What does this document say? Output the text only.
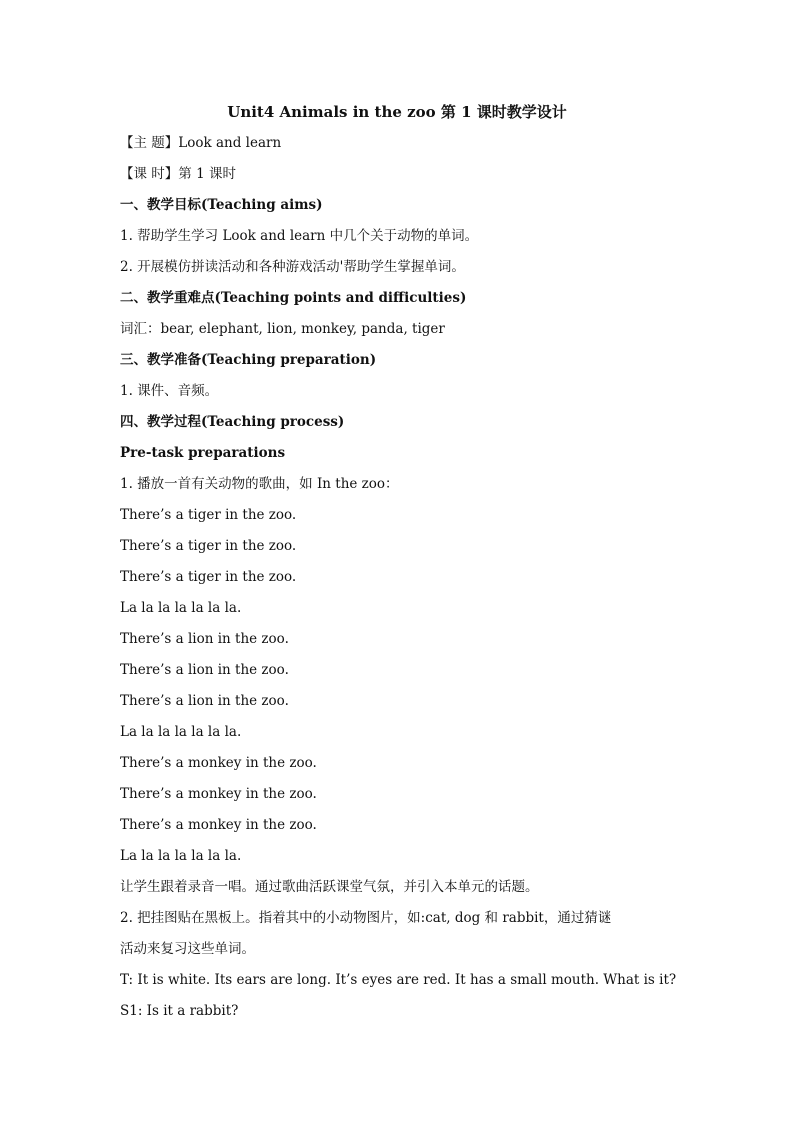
Unit4 Animals in the zoo 第 1 课时教学设计
【主 题】Look and learn
【课 时】第 1 课时
一、教学目标(Teaching aims)
1. 帮助学生学习 Look and learn 中几个关于动物的单词。
2. 开展模仿拼读活动和各种游戏活动'帮助学生掌握单词。
二、教学重难点(Teaching points and difficulties)
词汇：bear, elephant, lion, monkey, panda, tiger
三、教学准备(Teaching preparation)
1. 课件、音频。
四、教学过程(Teaching process)
Pre-task preparations
1. 播放一首有关动物的歌曲，如 In the zoo：
There’s a tiger in the zoo.
There’s a tiger in the zoo.
There’s a tiger in the zoo.
La la la la la la la.
There’s a lion in the zoo.
There’s a lion in the zoo.
There’s a lion in the zoo.
La la la la la la la.
There’s a monkey in the zoo.
There’s a monkey in the zoo.
There’s a monkey in the zoo.
La la la la la la la.
让学生跟着录音一唱。通过歌曲活跃课堂气氛，并引入本单元的话题。
2. 把挂图贴在黑板上。指着其中的小动物图片，如:cat, dog 和 rabbit，通过猜谜
活动来复习这些单词。
T: It is white. Its ears are long. It’s eyes are red. It has a small mouth. What is it?
S1: Is it a rabbit?
